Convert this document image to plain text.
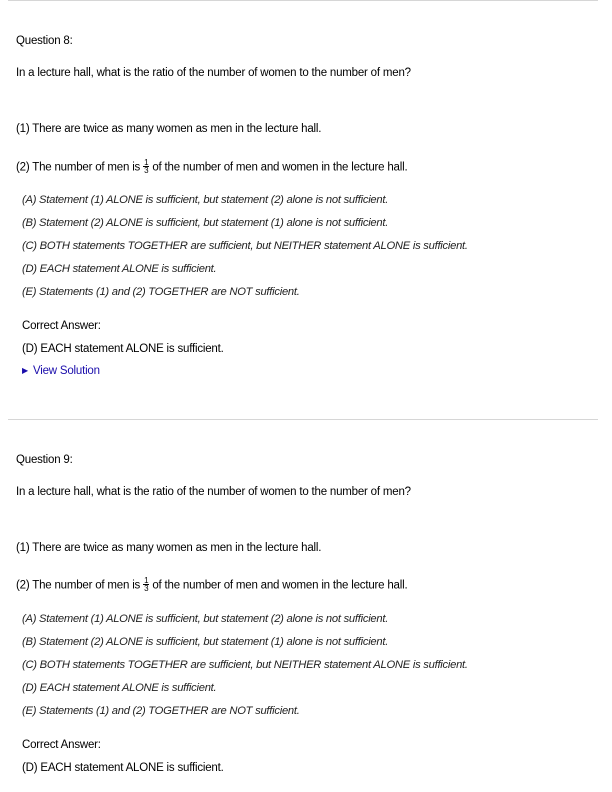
Question 8:
In a lecture hall, what is the ratio of the number of women to the number of men?
(1) There are twice as many women as men in the lecture hall.
(2) The number of men is $\frac{1}{3}$ of the number of men and women in the lecture hall.
(A) Statement (1) ALONE is sufficient, but statement (2) alone is not sufficient.
(B) Statement (2) ALONE is sufficient, but statement (1) alone is not sufficient.
(C) BOTH statements TOGETHER are sufficient, but NEITHER statement ALONE is sufficient.
(D) EACH statement ALONE is sufficient.
(E) Statements (1) and (2) TOGETHER are NOT sufficient.
Correct Answer:
(D) EACH statement ALONE is sufficient.
▶ View Solution
Question 9:
In a lecture hall, what is the ratio of the number of women to the number of men?
(1) There are twice as many women as men in the lecture hall.
(2) The number of men is $\frac{1}{3}$ of the number of men and women in the lecture hall.
(A) Statement (1) ALONE is sufficient, but statement (2) alone is not sufficient.
(B) Statement (2) ALONE is sufficient, but statement (1) alone is not sufficient.
(C) BOTH statements TOGETHER are sufficient, but NEITHER statement ALONE is sufficient.
(D) EACH statement ALONE is sufficient.
(E) Statements (1) and (2) TOGETHER are NOT sufficient.
Correct Answer:
(D) EACH statement ALONE is sufficient.
